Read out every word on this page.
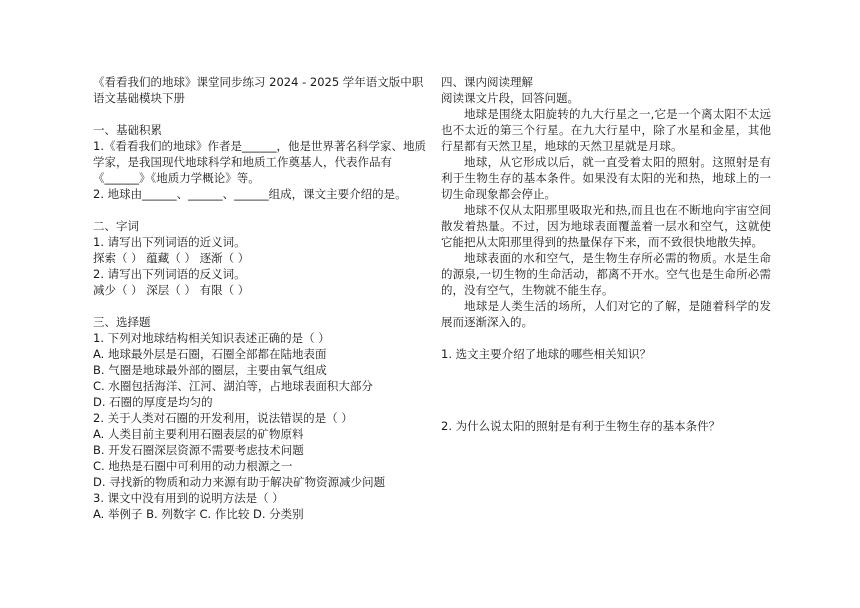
《看看我们的地球》课堂同步练习 2024 - 2025 学年语文版中职语文基础模块下册
一、基础积累
1.《看看我们的地球》作者是______，他是世界著名科学家、地质学家，是我国现代地球科学和地质工作奠基人，代表作品有《______》《地质力学概论》等。
2. 地球由______、______、______组成，课文主要介绍的是。
二、字词
1. 请写出下列词语的近义词。
探索（ ） 蕴藏（ ） 逐渐（ ）
2. 请写出下列词语的反义词。
减少（ ） 深层（ ） 有限（ ）
三、选择题
1. 下列对地球结构相关知识表述正确的是（ ）
A. 地球最外层是石圈，石圈全部都在陆地表面
B. 气圈是地球最外部的圈层，主要由氧气组成
C. 水圈包括海洋、江河、湖泊等，占地球表面积大部分
D. 石圈的厚度是均匀的
2. 关于人类对石圈的开发利用，说法错误的是（ ）
A. 人类目前主要利用石圈表层的矿物原料
B. 开发石圈深层资源不需要考虑技术问题
C. 地热是石圈中可利用的动力根源之一
D. 寻找新的物质和动力来源有助于解决矿物资源减少问题
3. 课文中没有用到的说明方法是（ ）
A. 举例子 B. 列数字 C. 作比较 D. 分类别
四、课内阅读理解
阅读课文片段，回答问题。

地球是围绕太阳旋转的九大行星之一,它是一个离太阳不太远也不太近的第三个行星。在九大行星中，除了水星和金星，其他行星都有天然卫星，地球的天然卫星就是月球。

地球，从它形成以后，就一直受着太阳的照射。这照射是有利于生物生存的基本条件。如果没有太阳的光和热，地球上的一切生命现象都会停止。

地球不仅从太阳那里吸取光和热,而且也在不断地向宇宙空间散发着热量。不过，因为地球表面覆盖着一层水和空气，这就使它能把从太阳那里得到的热量保存下来，而不致很快地散失掉。

地球表面的水和空气，是生物生存所必需的物质。水是生命的源泉,一切生物的生命活动，都离不开水。空气也是生命所必需的，没有空气，生物就不能生存。

地球是人类生活的场所，人们对它的了解，是随着科学的发展而逐渐深入的。

1. 选文主要介绍了地球的哪些相关知识？
2. 为什么说太阳的照射是有利于生物生存的基本条件？
